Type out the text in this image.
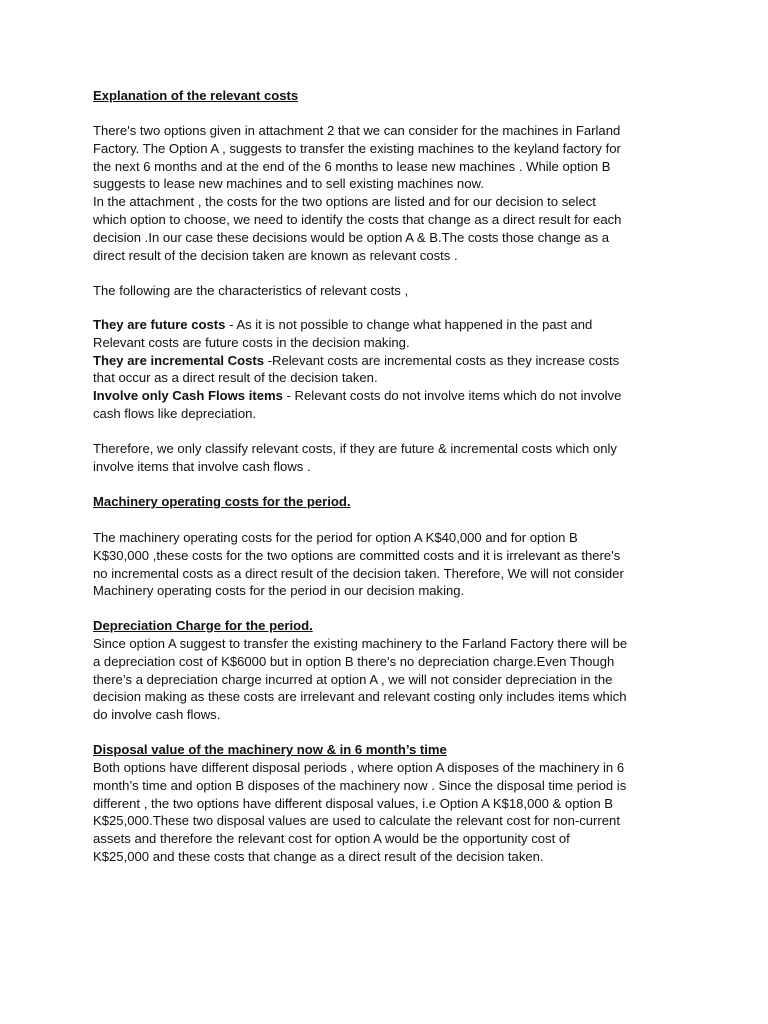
Explanation of the relevant costs

There's two options given in attachment 2 that we can consider for the machines in Farland

Factory. The Option A , suggests to transfer the existing machines to the keyland factory for

the next 6 months and at the end of the 6 months to lease new machines . While option B

suggests to lease new machines and to sell existing machines now.

In the attachment , the costs for the two options are listed and for our decision to select

which option to choose, we need to identify the costs that change as a direct result for each

decision .In our case these decisions would be option A & B.The costs those change as a

direct result of the decision taken are known as relevant costs .

The following are the characteristics of relevant costs ,

They are future costs - As it is not possible to change what happened in the past and

Relevant costs are future costs in the decision making.

They are incremental Costs -Relevant costs are incremental costs as they increase costs

that occur as a direct result of the decision taken.

Involve only Cash Flows items - Relevant costs do not involve items which do not involve

cash flows like depreciation.

Therefore, we only classify relevant costs, if they are future & incremental costs which only

involve items that involve cash flows .

Machinery operating costs for the period.

The machinery operating costs for the period for option A K$40,000 and for option B

K$30,000 ,these costs for the two options are committed costs and it is irrelevant as there's

no incremental costs as a direct result of the decision taken. Therefore, We will not consider

Machinery operating costs for the period in our decision making.

Depreciation Charge for the period.

Since option A suggest to transfer the existing machinery to the Farland Factory there will be

a depreciation cost of K$6000 but in option B there's no depreciation charge.Even Though

there’s a depreciation charge incurred at option A , we will not consider depreciation in the

decision making as these costs are irrelevant and relevant costing only includes items which

do involve cash flows.

Disposal value of the machinery now & in 6 month’s time

Both options have different disposal periods , where option A disposes of the machinery in 6

month’s time and option B disposes of the machinery now . Since the disposal time period is

different , the two options have different disposal values, i.e Option A K$18,000 & option B

K$25,000.These two disposal values are used to calculate the relevant cost for non-current

assets and therefore the relevant cost for option A would be the opportunity cost of

K$25,000 and these costs that change as a direct result of the decision taken.
